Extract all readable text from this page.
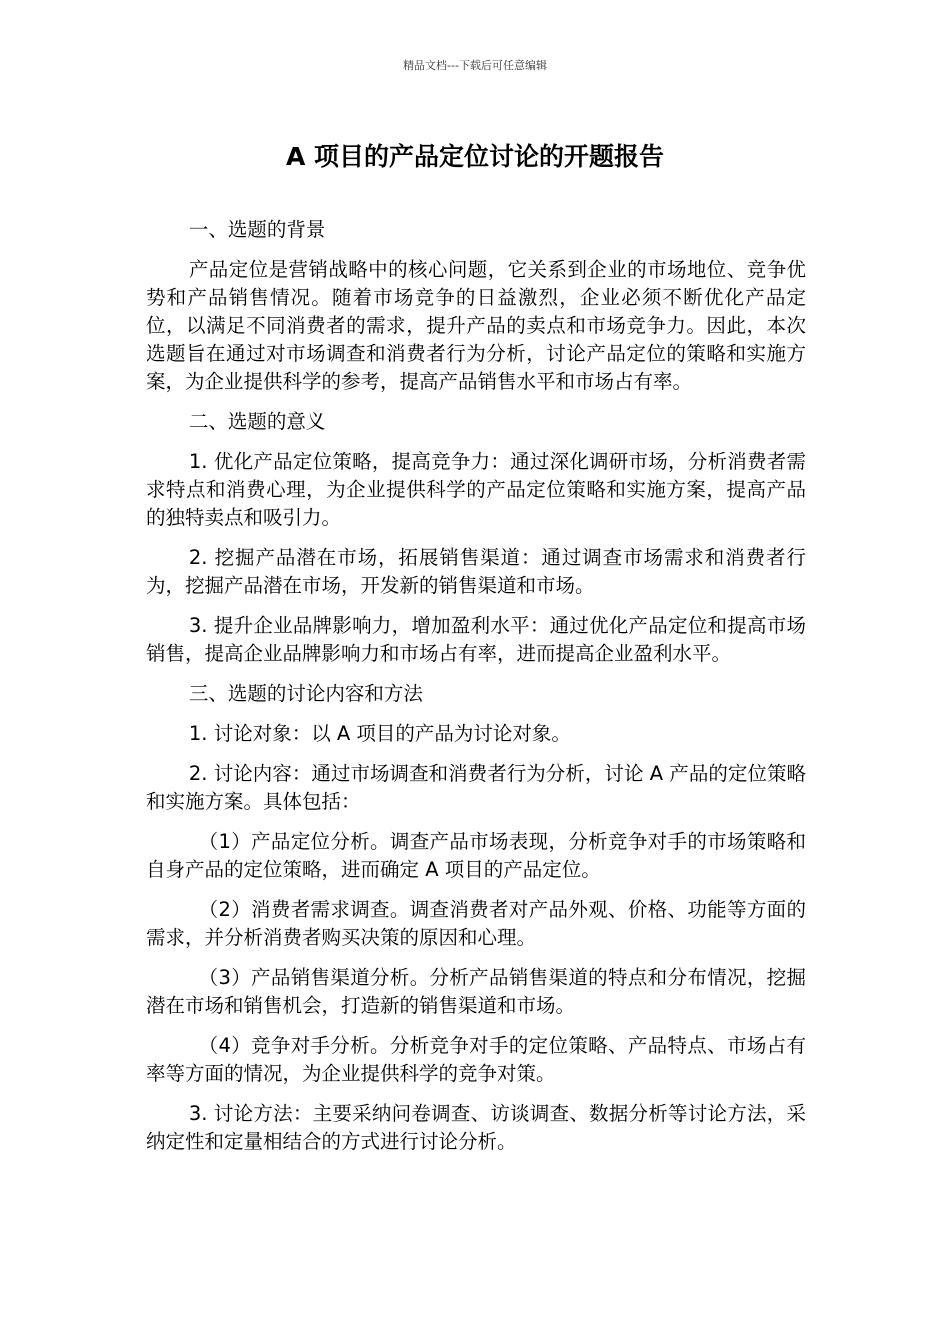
精品文档---下载后可任意编辑
A 项目的产品定位讨论的开题报告

一、选题的背景

产品定位是营销战略中的核心问题，它关系到企业的市场地位、竞争优势和产品销售情况。随着市场竞争的日益激烈，企业必须不断优化产品定位，以满足不同消费者的需求，提升产品的卖点和市场竞争力。因此，本次选题旨在通过对市场调查和消费者行为分析，讨论产品定位的策略和实施方案，为企业提供科学的参考，提高产品销售水平和市场占有率。

二、选题的意义

1. 优化产品定位策略，提高竞争力：通过深化调研市场，分析消费者需求特点和消费心理，为企业提供科学的产品定位策略和实施方案，提高产品的独特卖点和吸引力。

2. 挖掘产品潜在市场，拓展销售渠道：通过调查市场需求和消费者行为，挖掘产品潜在市场，开发新的销售渠道和市场。

3. 提升企业品牌影响力，增加盈利水平：通过优化产品定位和提高市场销售，提高企业品牌影响力和市场占有率，进而提高企业盈利水平。

三、选题的讨论内容和方法

1. 讨论对象：以 A 项目的产品为讨论对象。

2. 讨论内容：通过市场调查和消费者行为分析，讨论 A 产品的定位策略和实施方案。具体包括：

（1）产品定位分析。调查产品市场表现，分析竞争对手的市场策略和自身产品的定位策略，进而确定 A 项目的产品定位。

（2）消费者需求调查。调查消费者对产品外观、价格、功能等方面的需求，并分析消费者购买决策的原因和心理。

（3）产品销售渠道分析。分析产品销售渠道的特点和分布情况，挖掘潜在市场和销售机会，打造新的销售渠道和市场。

（4）竞争对手分析。分析竞争对手的定位策略、产品特点、市场占有率等方面的情况，为企业提供科学的竞争对策。

3. 讨论方法：主要采纳问卷调查、访谈调查、数据分析等讨论方法，采纳定性和定量相结合的方式进行讨论分析。
